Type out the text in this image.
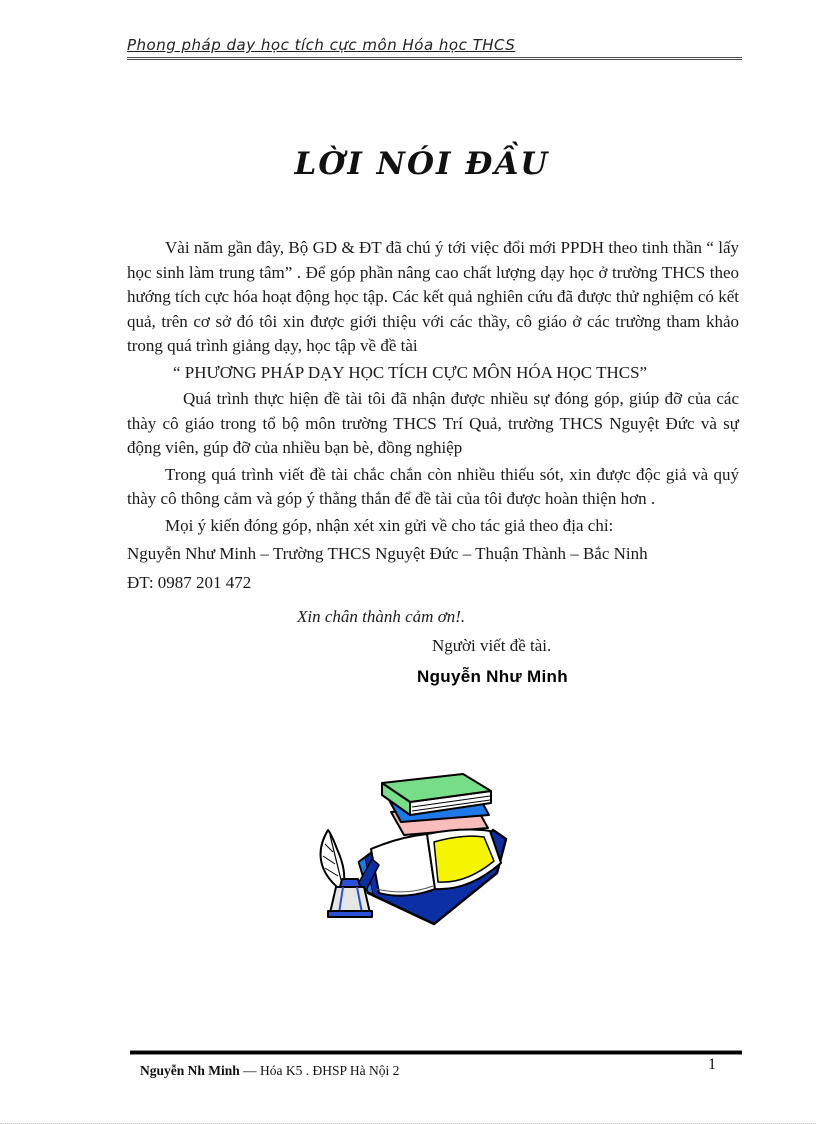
Phong pháp day học tích cực môn Hóa học THCS
LỜI NÓI ĐẦU

Vài năm gần đây, Bộ GD & ĐT đã chú ý tới việc đổi mới PPDH theo tinh thần “ lấy học sinh làm trung tâm” . Để góp phần nâng cao chất lượng dạy học ở trường THCS theo hướng tích cực hóa hoạt động học tập. Các kết quả nghiên cứu đã được thử nghiệm có kết quả, trên cơ sở đó tôi xin được giới thiệu với các thầy, cô giáo ở các trường tham khảo trong quá trình giảng dạy, học tập về đề tài

“ PHƯƠNG PHÁP DẠY HỌC TÍCH CỰC MÔN HÓA HỌC THCS”

Quá trình thực hiện đề tài tôi đã nhận được nhiều sự đóng góp, giúp đỡ của các thày cô giáo trong tổ bộ môn trường THCS Trí Quả, trường THCS Nguyệt Đức và sự động viên, gúp đỡ của nhiều bạn bè, đồng nghiệp

Trong quá trình viết đề tài chắc chắn còn nhiều thiếu sót, xin được độc giả và quý thày cô thông cảm và góp ý thẳng thắn để đề tài của tôi được hoàn thiện hơn .

Mọi ý kiến đóng góp, nhận xét xin gửi về cho tác giả theo địa chỉ:

Nguyễn Như Minh – Trường THCS Nguyệt Đức – Thuận Thành – Bắc Ninh

ĐT: 0987 201 472

Xin chân thành cảm ơn!.

Người viết đề tài.

Nguyễn Như Minh

Nguyễn Nh Minh — Hóa K5 . ĐHSP Hà Nội 2	1
